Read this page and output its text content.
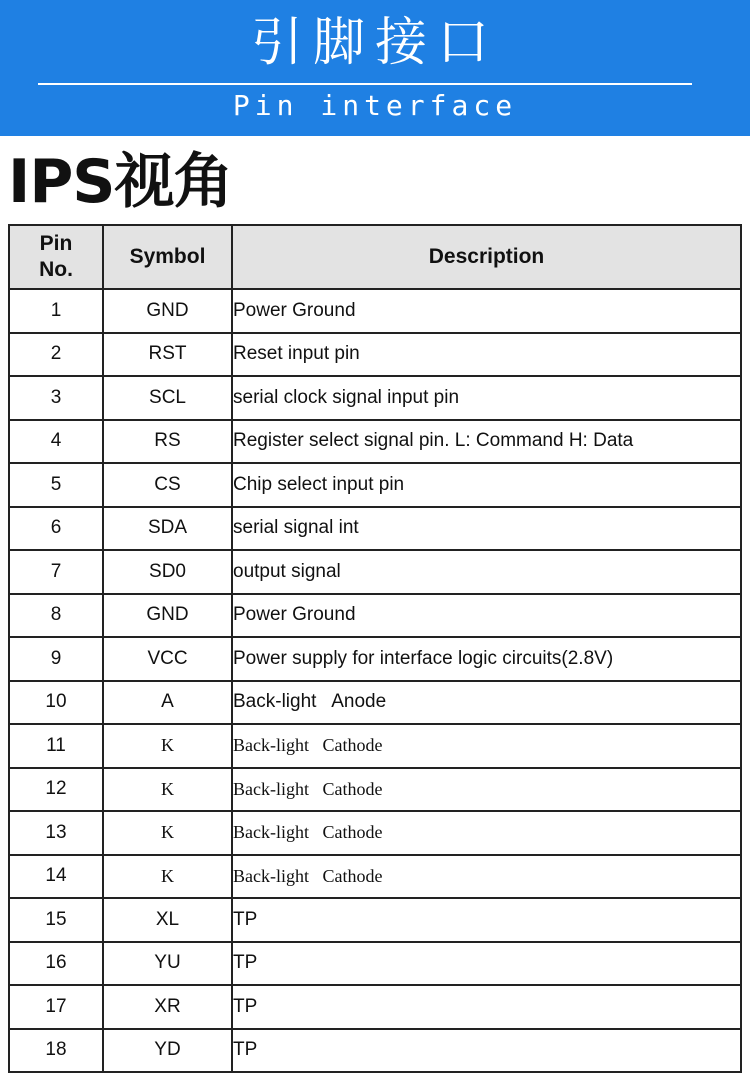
引脚接口
Pin interface
IPS视角
Pin
No.	Symbol	Description
1	GND	Power Ground
2	RST	Reset input pin
3	SCL	serial clock signal input pin
4	RS	Register select signal pin. L: Command H: Data
5	CS	Chip select input pin
6	SDA	serial signal int
7	SD0	output signal
8	GND	Power Ground
9	VCC	Power supply for interface logic circuits(2.8V)
10	A	Back-light   Anode
11	K	Back-light   Cathode
12	K	Back-light   Cathode
13	K	Back-light   Cathode
14	K	Back-light   Cathode
15	XL	TP
16	YU	TP
17	XR	TP
18	YD	TP
